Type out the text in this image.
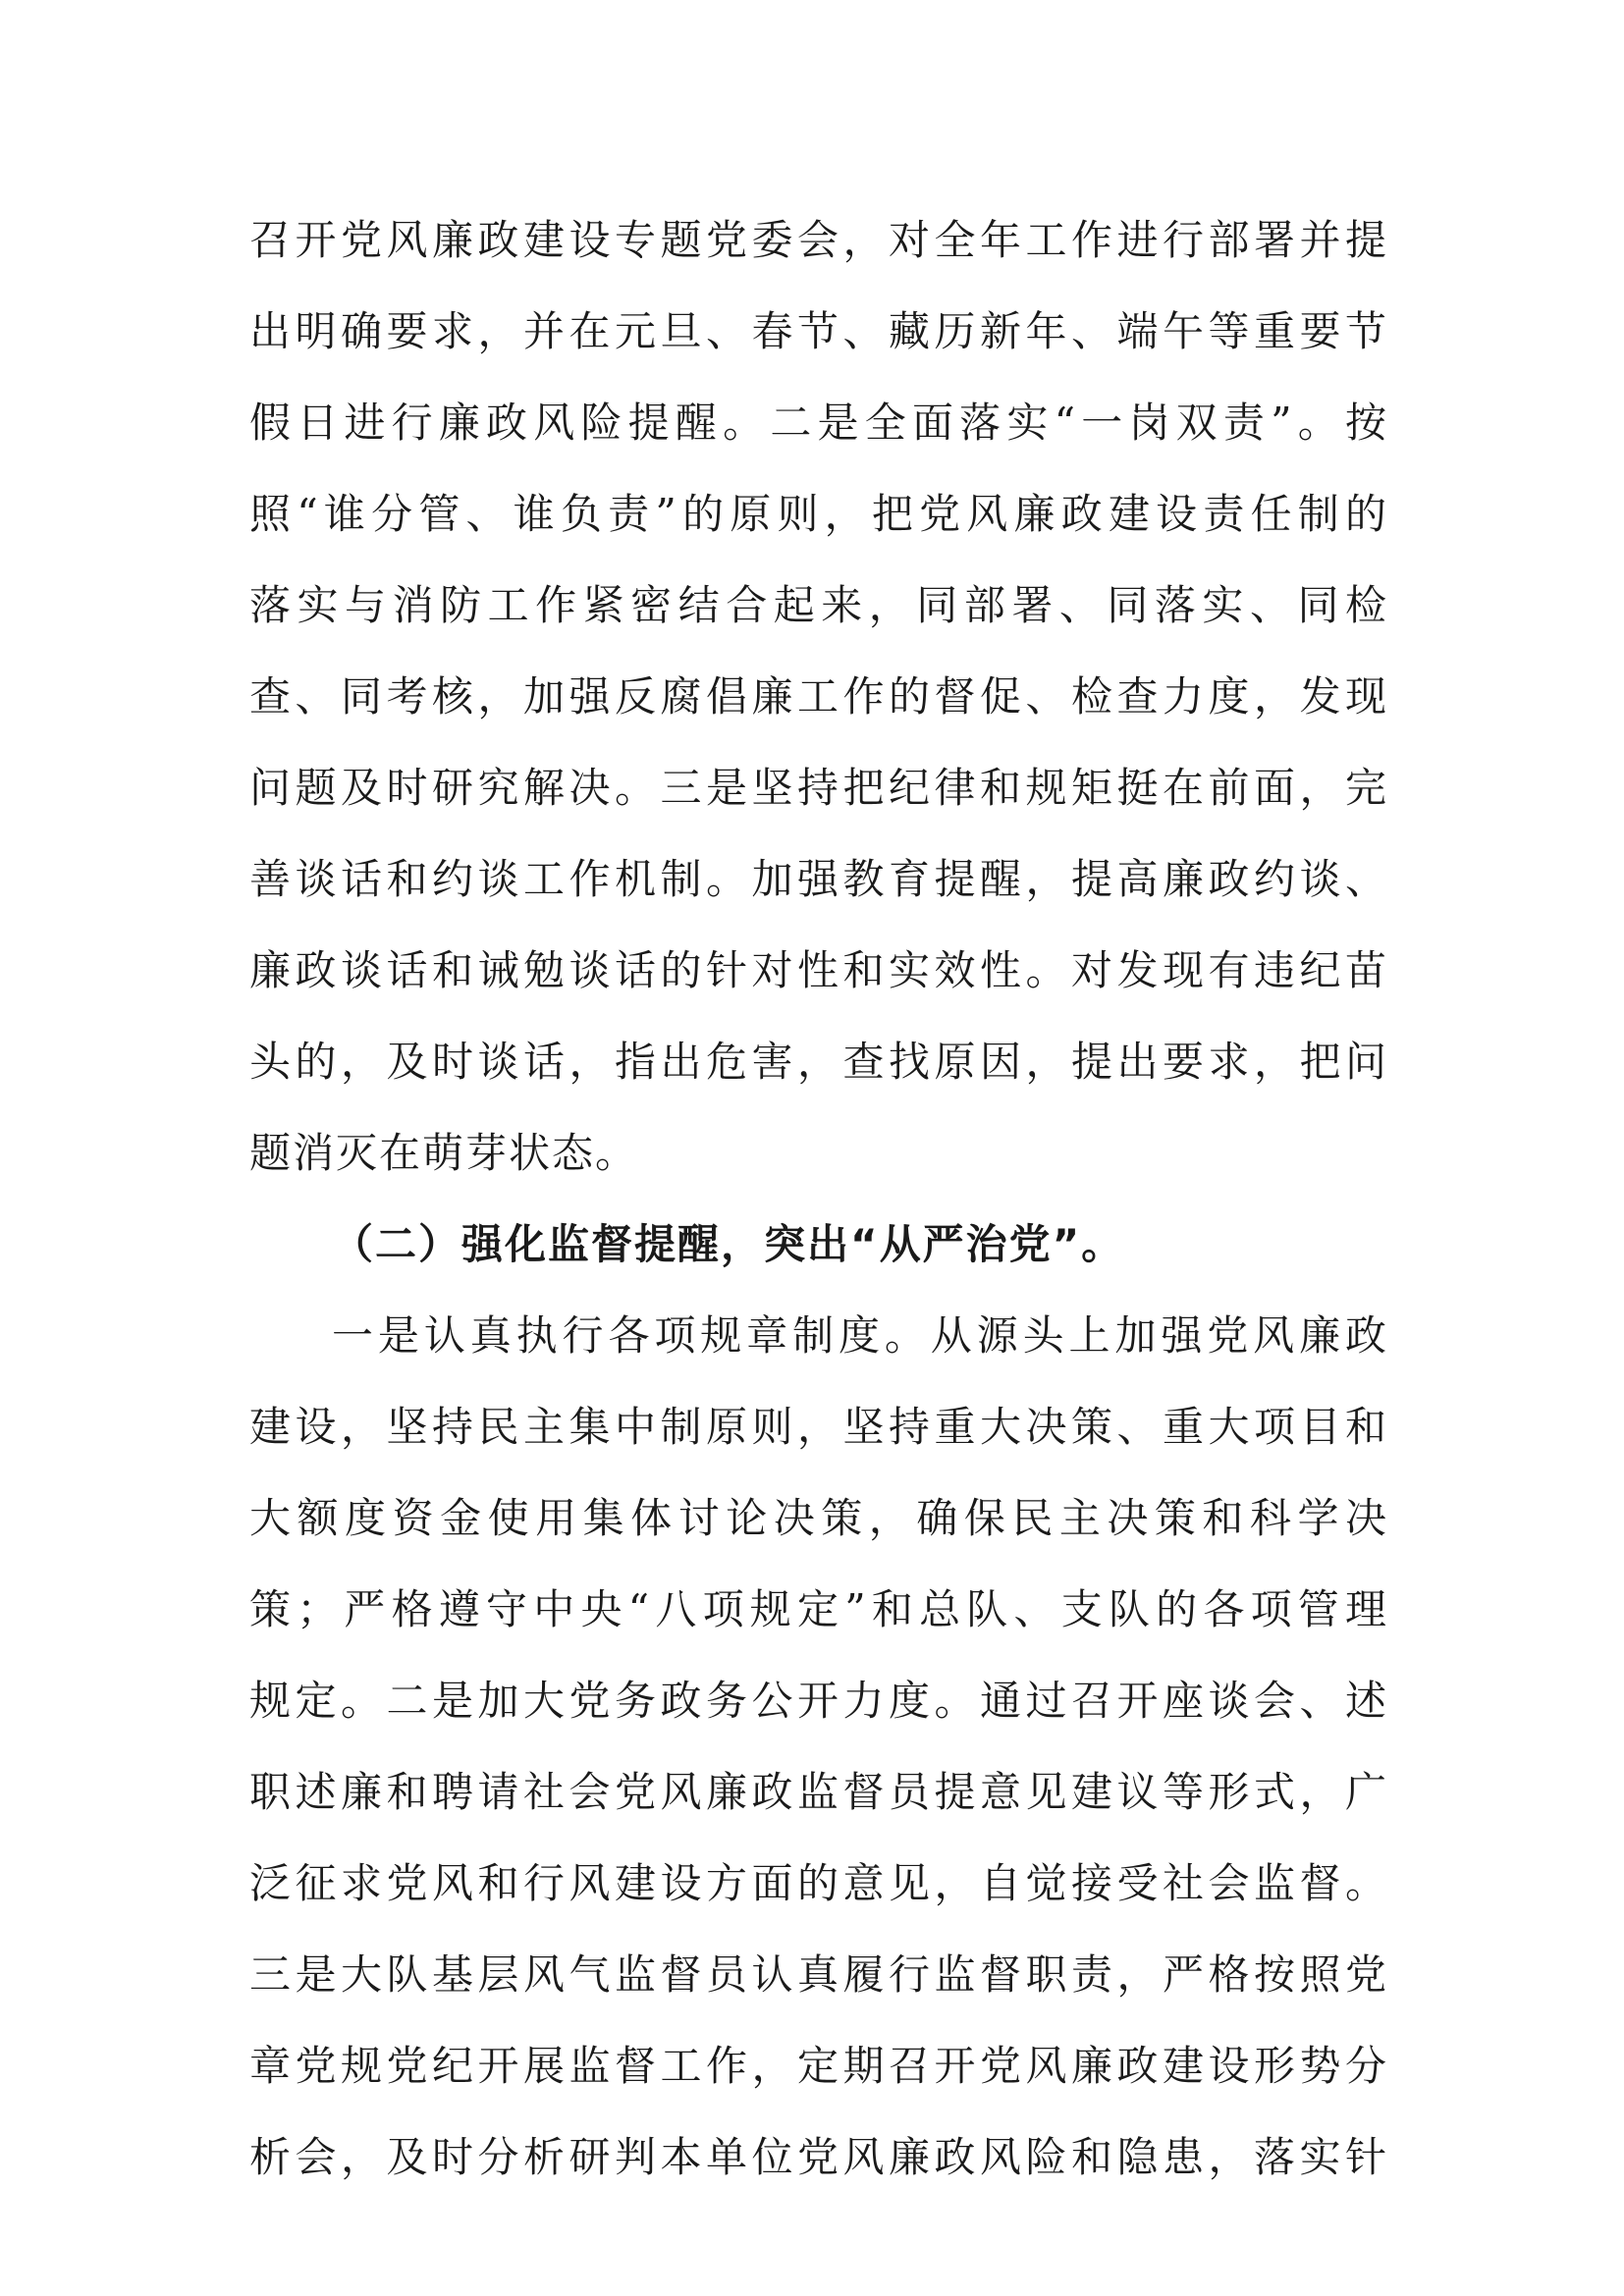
召开党风廉政建设专题党委会，对全年工作进行部署并提
出明确要求，并在元旦、春节、藏历新年、端午等重要节
假日进行廉政风险提醒。二是全面落实“一岗双责”。按
照“谁分管、谁负责”的原则，把党风廉政建设责任制的
落实与消防工作紧密结合起来，同部署、同落实、同检
查、同考核，加强反腐倡廉工作的督促、检查力度，发现
问题及时研究解决。三是坚持把纪律和规矩挺在前面，完
善谈话和约谈工作机制。加强教育提醒，提高廉政约谈、
廉政谈话和诫勉谈话的针对性和实效性。对发现有违纪苗
头的，及时谈话，指出危害，查找原因，提出要求，把问
题消灭在萌芽状态。
（二）强化监督提醒，突出“从严治党”。
一是认真执行各项规章制度。从源头上加强党风廉政
建设，坚持民主集中制原则，坚持重大决策、重大项目和
大额度资金使用集体讨论决策，确保民主决策和科学决
策；严格遵守中央“八项规定”和总队、支队的各项管理
规定。二是加大党务政务公开力度。通过召开座谈会、述
职述廉和聘请社会党风廉政监督员提意见建议等形式，广
泛征求党风和行风建设方面的意见，自觉接受社会监督。
三是大队基层风气监督员认真履行监督职责，严格按照党
章党规党纪开展监督工作，定期召开党风廉政建设形势分
析会，及时分析研判本单位党风廉政风险和隐患，落实针
